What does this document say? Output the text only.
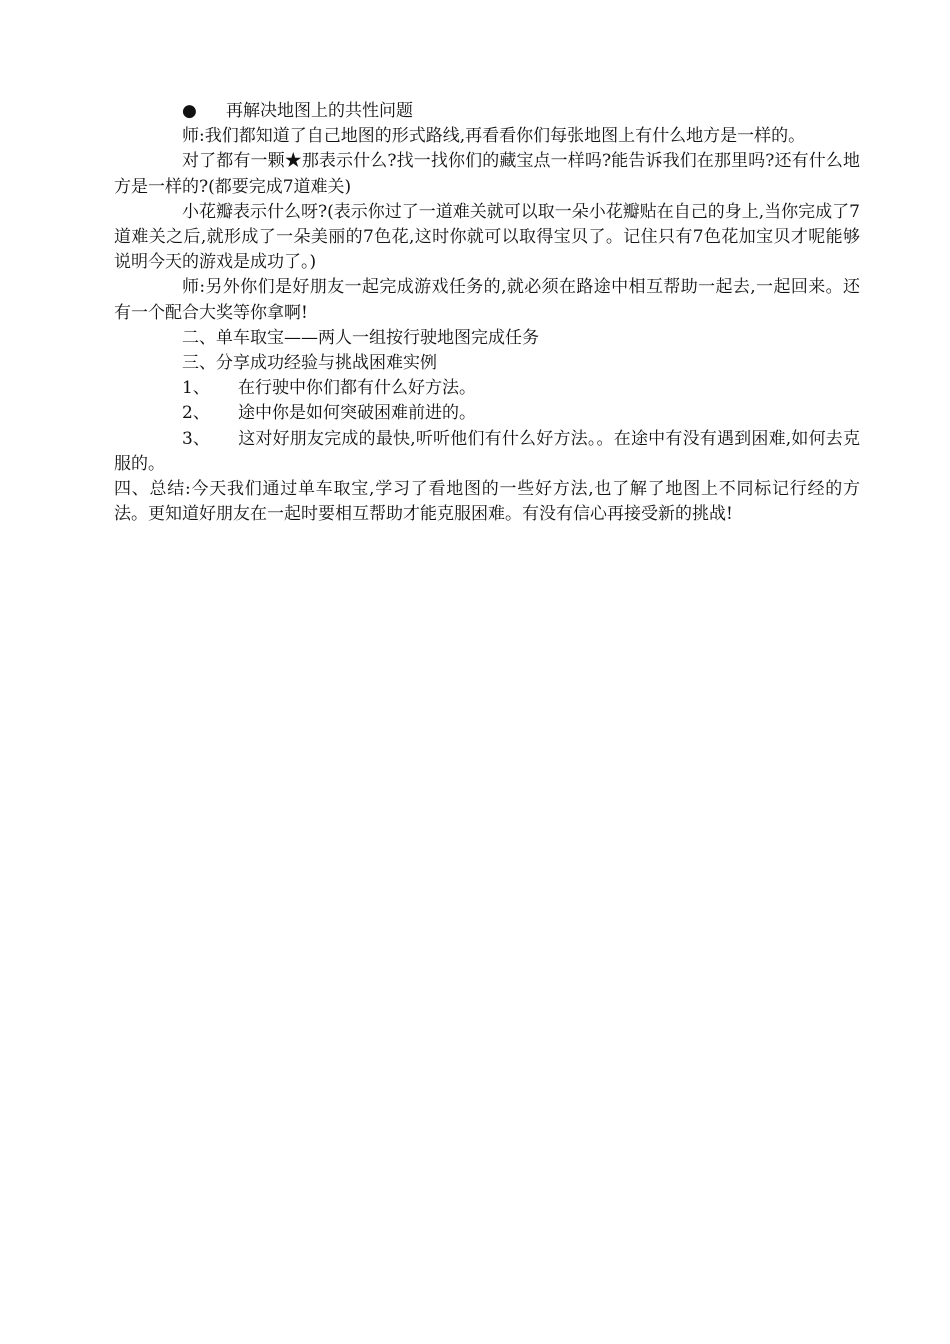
●	再解决地图上的共性问题

师:我们都知道了自己地图的形式路线,再看看你们每张地图上有什么地方是一样的。

对了都有一颗★那表示什么?找一找你们的藏宝点一样吗?能告诉我们在那里吗?还有什么地方是一样的?(都要完成7道难关)

小花瓣表示什么呀?(表示你过了一道难关就可以取一朵小花瓣贴在自己的身上,当你完成了7道难关之后,就形成了一朵美丽的7色花,这时你就可以取得宝贝了。记住只有7色花加宝贝才呢能够说明今天的游戏是成功了。)

师:另外你们是好朋友一起完成游戏任务的,就必须在路途中相互帮助一起去,一起回来。还有一个配合大奖等你拿啊!

二、单车取宝——两人一组按行驶地图完成任务

三、分享成功经验与挑战困难实例

1、 在行驶中你们都有什么好方法。

2、 途中你是如何突破困难前进的。

3、 这对好朋友完成的最快,听听他们有什么好方法。。在途中有没有遇到困难,如何去克服的。

四、总结:今天我们通过单车取宝,学习了看地图的一些好方法,也了解了地图上不同标记行经的方法。更知道好朋友在一起时要相互帮助才能克服困难。有没有信心再接受新的挑战!
